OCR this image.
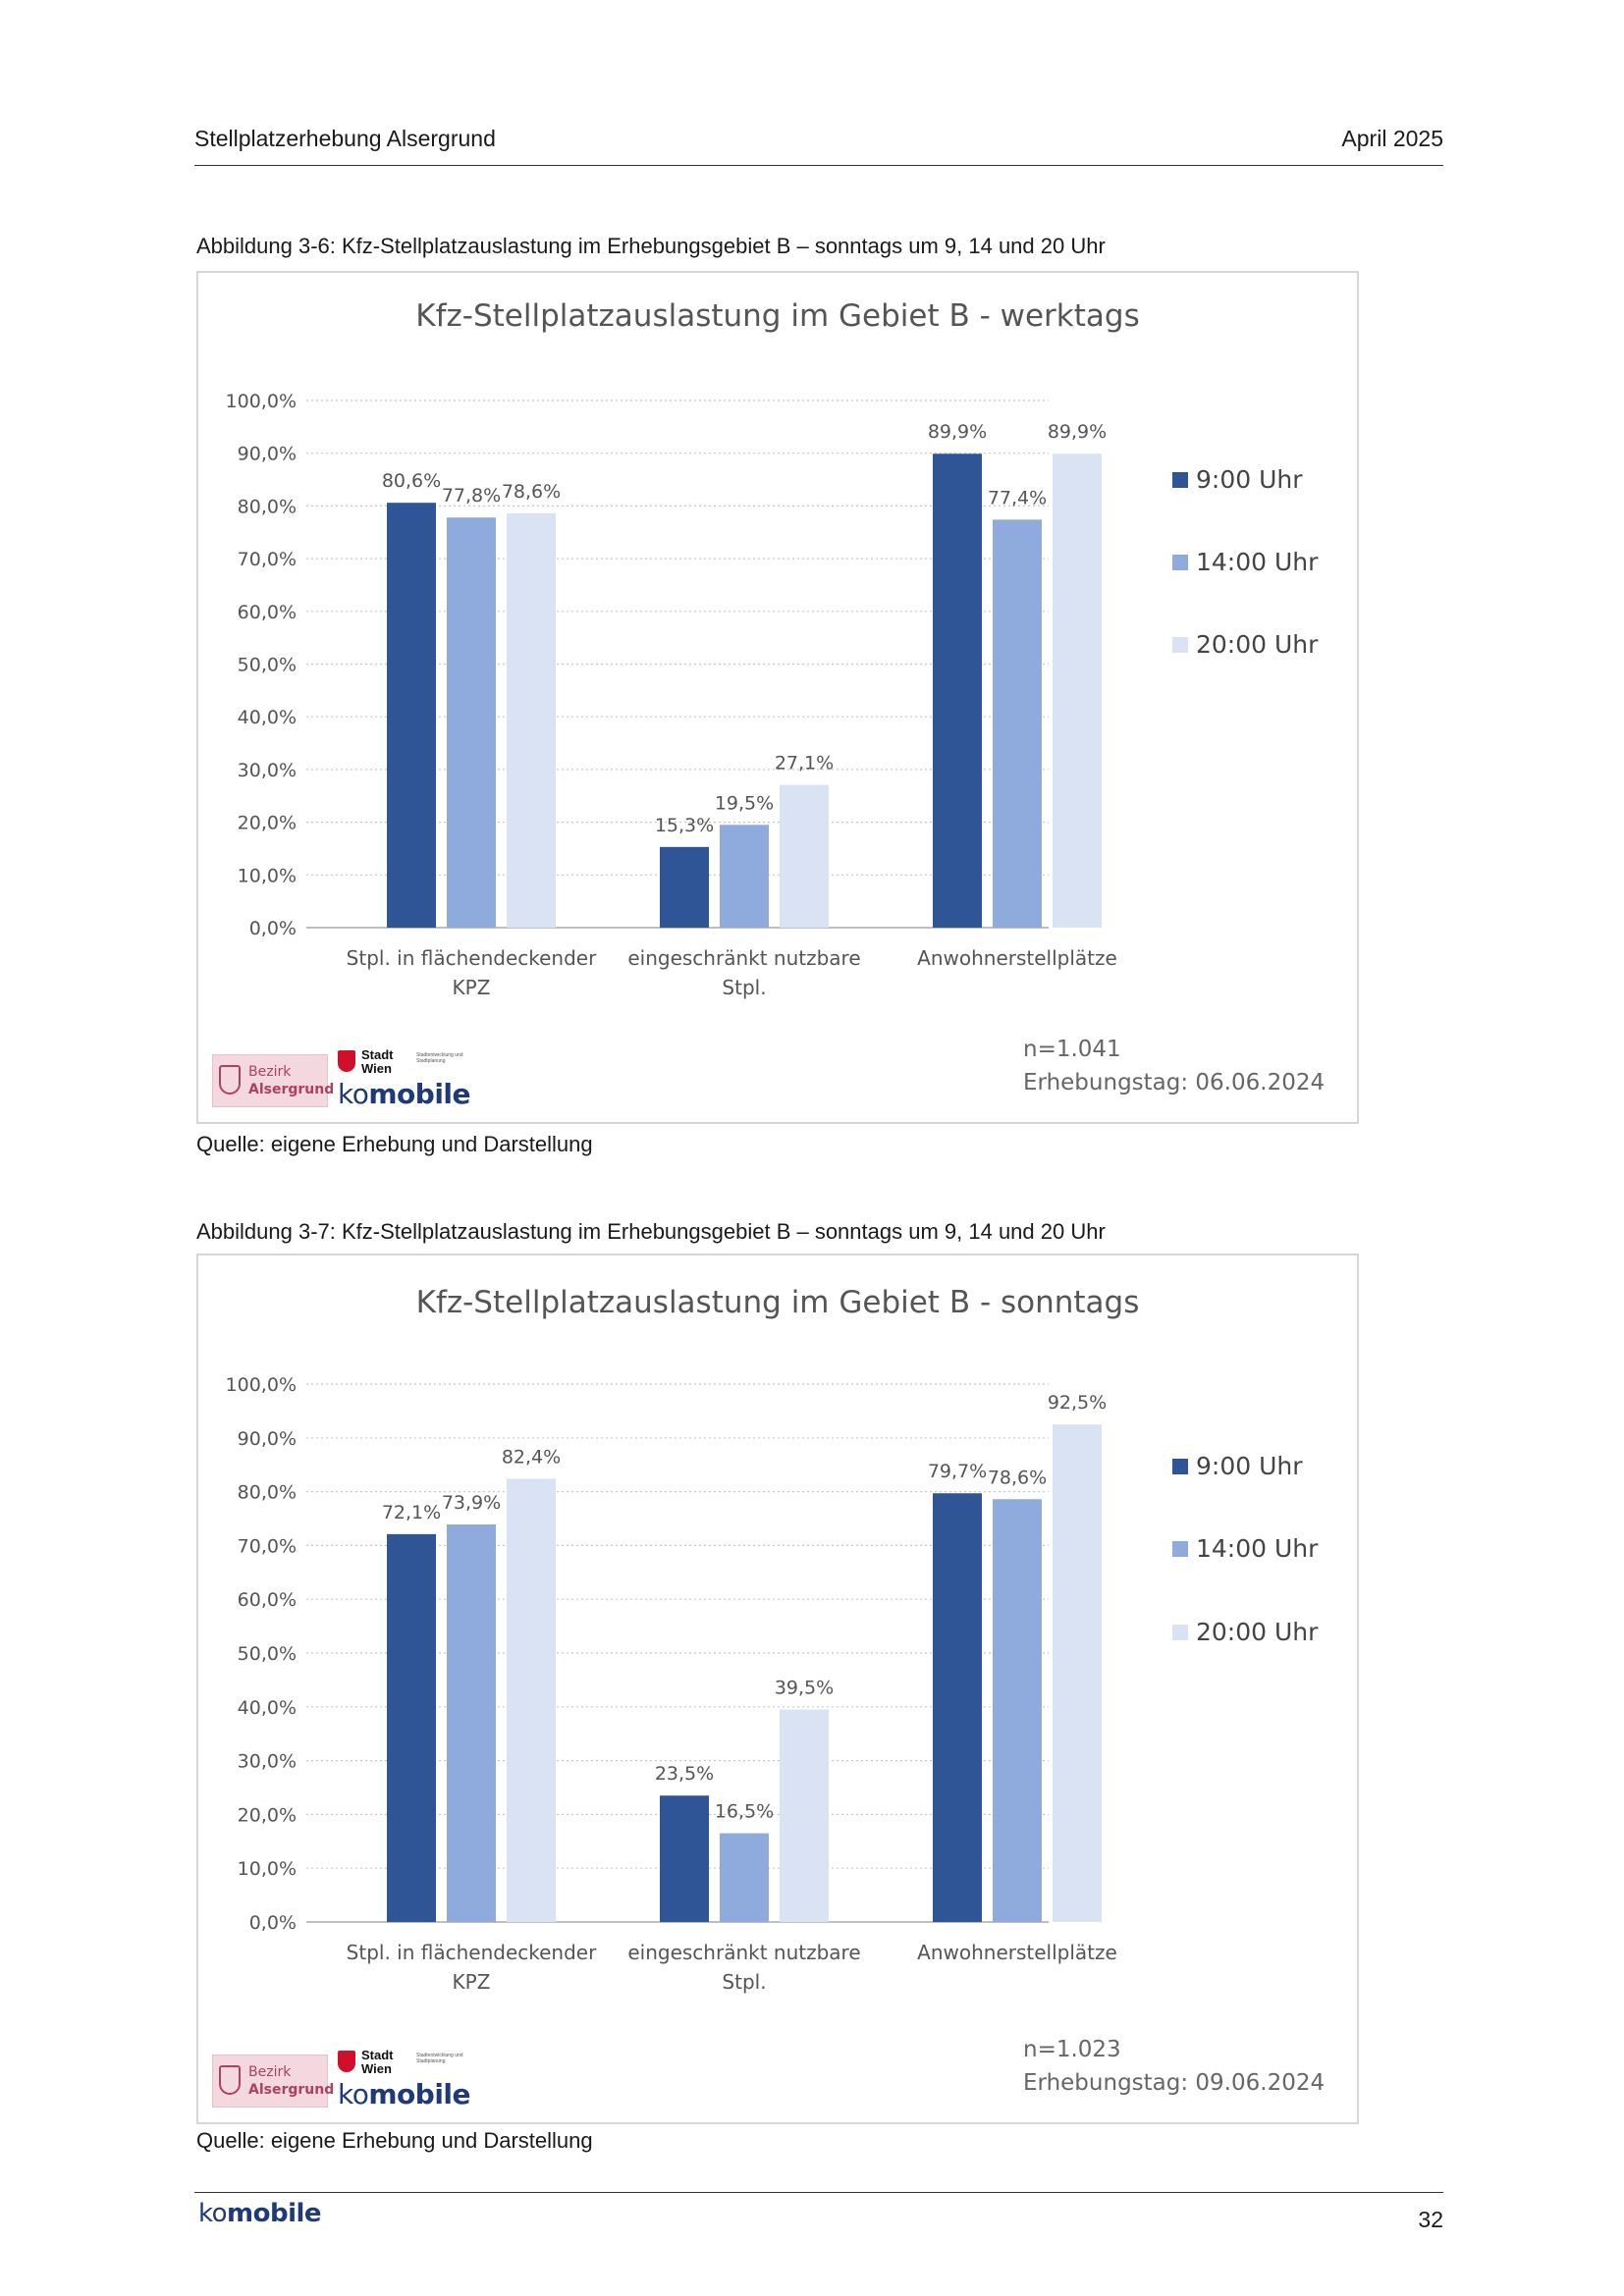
Stellplatzerhebung Alsergrund	April 2025
Abbildung 3-6: Kfz-Stellplatzauslastung im Erhebungsgebiet B – sonntags um 9, 14 und 20 Uhr
Kfz-Stellplatzauslastung im Gebiet B - werktags
0,0%
10,0%
20,0%
30,0%
40,0%
50,0%
60,0%
70,0%
80,0%
90,0%
100,0%
80,6%
77,8% 78,6%
Stpl. in flächendeckender
KPZ
15,3%
19,5%
27,1%
eingeschränkt nutzbare
Stpl.
89,9%
77,4%
89,9%
Anwohnerstellplätze
9:00 Uhr
14:00 Uhr
20:00 Uhr
Bezirk
Alsergrund
Stadt Wien
Stadtentwicklung und Stadtplanung
komobile
n=1.041
Erhebungstag: 06.06.2024
Quelle: eigene Erhebung und Darstellung
Abbildung 3-7: Kfz-Stellplatzauslastung im Erhebungsgebiet B – sonntags um 9, 14 und 20 Uhr
Kfz-Stellplatzauslastung im Gebiet B - sonntags
0,0%
10,0%
20,0%
30,0%
40,0%
50,0%
60,0%
70,0%
80,0%
90,0%
100,0%
72,1% 73,9%
82,4%
Stpl. in flächendeckender
KPZ
23,5%
16,5%
39,5%
eingeschränkt nutzbare
Stpl.
79,7% 78,6%
92,5%
Anwohnerstellplätze
9:00 Uhr
14:00 Uhr
20:00 Uhr
Bezirk
Alsergrund
Stadt Wien
Stadtentwicklung und Stadtplanung
komobile
n=1.023
Erhebungstag: 09.06.2024
Quelle: eigene Erhebung und Darstellung
komobile	32
